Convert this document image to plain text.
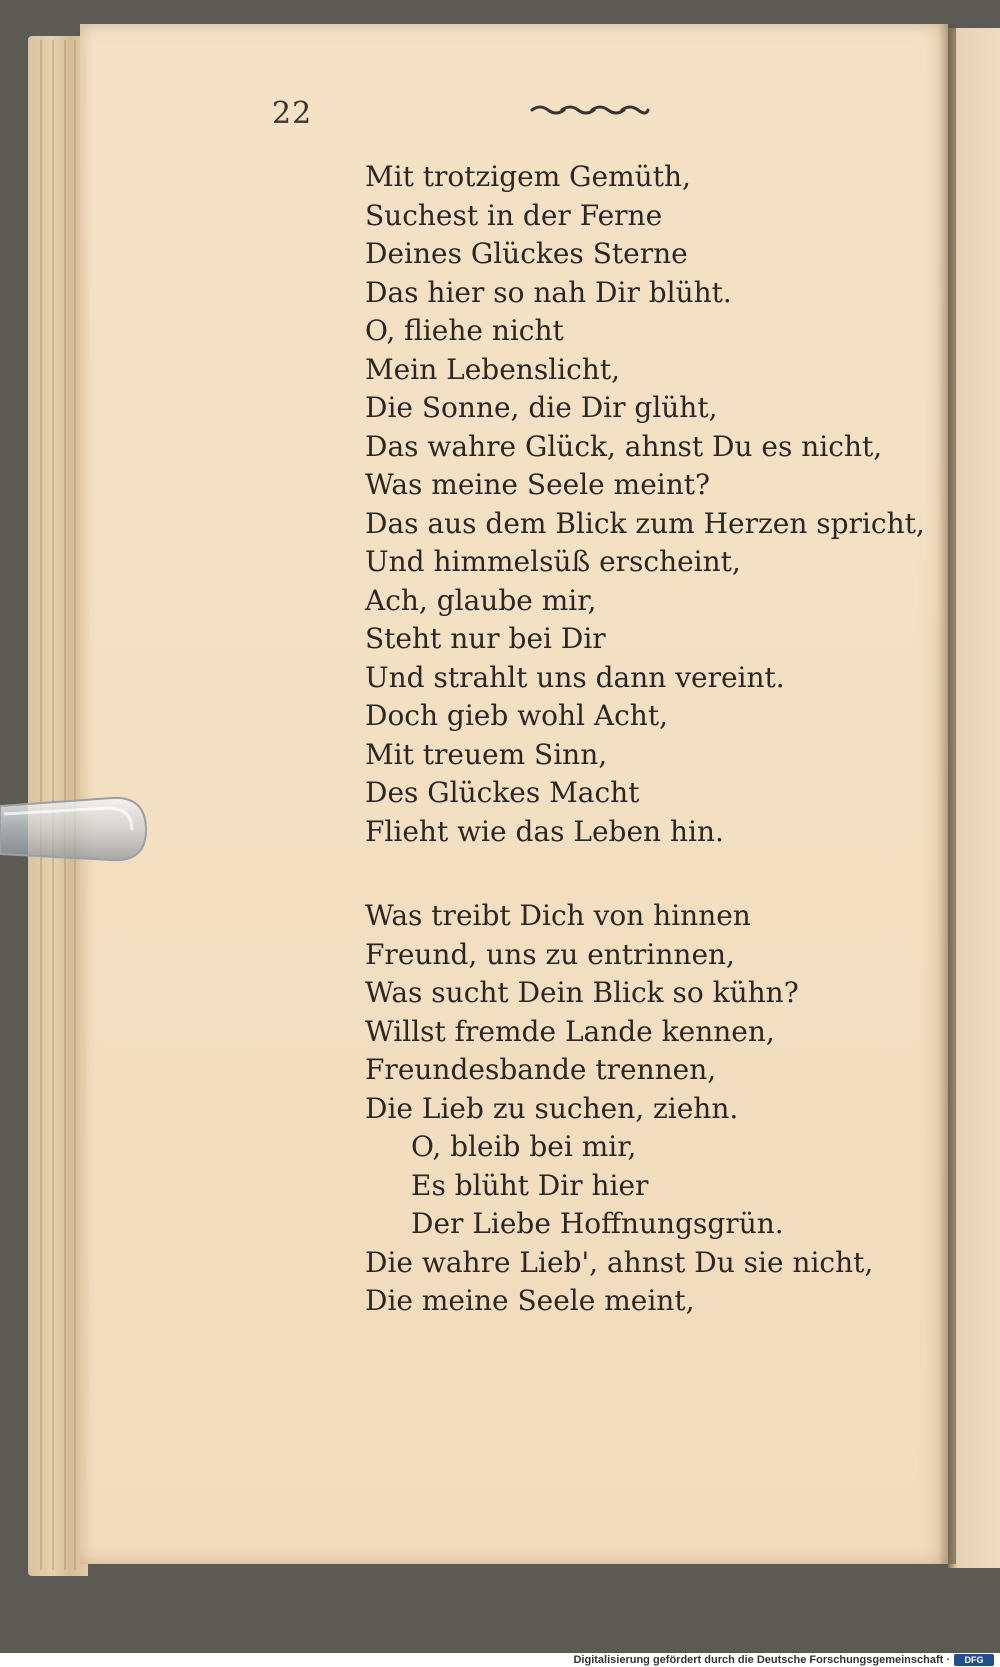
22
Mit trotzigem Gemüth,
Suchest in der Ferne
Deines Glückes Sterne
Das hier so nah Dir blüht.
O, fliehe nicht
Mein Lebenslicht,
Die Sonne, die Dir glüht,
Das wahre Glück, ahnst Du es nicht,
Was meine Seele meint?
Das aus dem Blick zum Herzen spricht,
Und himmelsüß erscheint,
Ach, glaube mir,
Steht nur bei Dir
Und strahlt uns dann vereint.
Doch gieb wohl Acht,
Mit treuem Sinn,
Des Glückes Macht
Flieht wie das Leben hin.
Was treibt Dich von hinnen
Freund, uns zu entrinnen,
Was sucht Dein Blick so kühn?
Willst fremde Lande kennen,
Freundesbande trennen,
Die Lieb zu suchen, ziehn.
O, bleib bei mir,
Es blüht Dir hier
Der Liebe Hoffnungsgrün.
Die wahre Lieb', ahnst Du sie nicht,
Die meine Seele meint,
Digitalisierung gefördert durch die Deutsche Forschungsgemeinschaft ·	DFG
